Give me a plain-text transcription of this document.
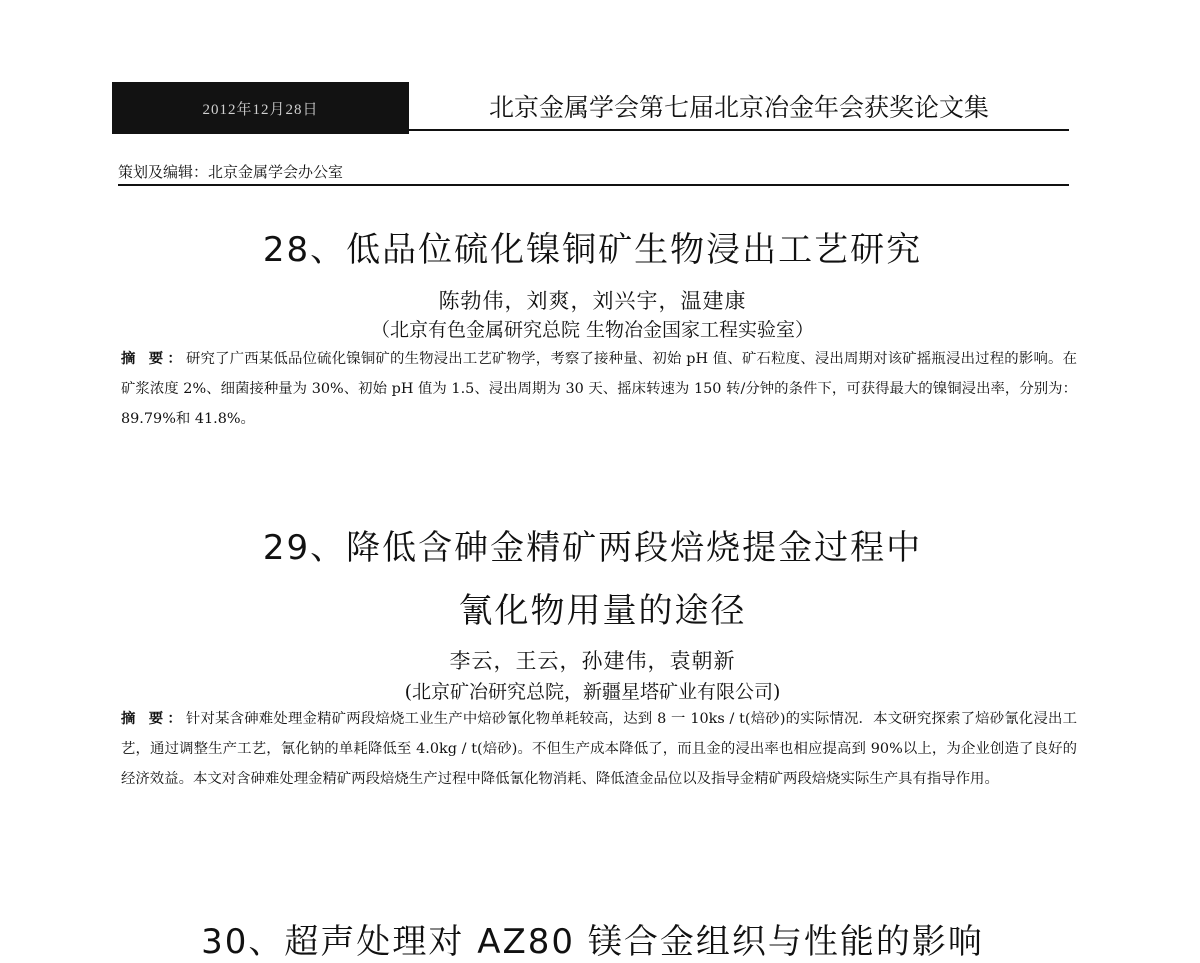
2012年12月28日	北京金属学会第七届北京冶金年会获奖论文集
策划及编辑：北京金属学会办公室
28、低品位硫化镍铜矿生物浸出工艺研究
陈勃伟，刘爽，刘兴宇，温建康
（北京有色金属研究总院 生物冶金国家工程实验室）
摘 要：研究了广西某低品位硫化镍铜矿的生物浸出工艺矿物学，考察了接种量、初始 pH 值、矿石粒度、浸出周期对该矿摇瓶浸出过程的影响。在矿浆浓度 2%、细菌接种量为 30%、初始 pH 值为 1.5、浸出周期为 30 天、摇床转速为 150 转/分钟的条件下，可获得最大的镍铜浸出率，分别为：89.79%和 41.8%。
29、降低含砷金精矿两段焙烧提金过程中
氰化物用量的途径
李云，王云，孙建伟，袁朝新
(北京矿冶研究总院，新疆星塔矿业有限公司)
摘 要：针对某含砷难处理金精矿两段焙烧工业生产中焙砂氰化物单耗较高，达到 8 一 10ks / t(焙砂)的实际情况．本文研究探索了焙砂氰化浸出工艺，通过调整生产工艺，氰化钠的单耗降低至 4.0kg / t(焙砂)。不但生产成本降低了，而且金的浸出率也相应提高到 90%以上，为企业创造了良好的经济效益。本文对含砷难处理金精矿两段焙烧生产过程中降低氰化物消耗、降低渣金品位以及指导金精矿两段焙烧实际生产具有指导作用。
30、超声处理对 AZ80 镁合金组织与性能的影响
